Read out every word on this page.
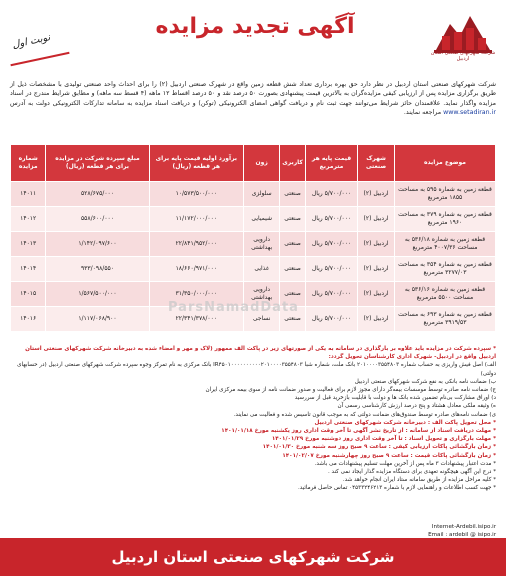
شرکت شهرکهای صنعتی استان اردبیل
آگهی تجدید مزایده
نوبت اول
شرکت شهرکهای صنعتی استان اردبیل در نظر دارد حق بهره برداری تعداد شش قطعه زمین واقع در شهرک صنعتی اردبیل (۲) را برای احداث واحد صنعتی تولیدی با مشخصات ذیل از طریق برگزاری مزایده پس از ارزیابی کیفی مزایده‌گران به بالاترین قیمت پیشنهادی بصورت ۵۰ درصد نقد و ۵۰ درصد اقساط ۱۲ ماهه (۴ قسط سه ماهه) و مطابق شرایط مندرج در اسناد مزایده واگذار نماید. علاقمندان حائز شرایط می‌توانند جهت ثبت نام و دریافت گواهی امضای الکترونیکی (توکن) و دریافت اسناد مزایده به سامانه تدارکات الکترونیکی دولت به آدرس www.setadiran.ir مراجعه نمایند.
موضوع مزایده	شهرک صنعتی	قیمت پایه هر مترمربع	کاربری	زون	برآورد اولیه قیمت پایه برای هر قطعه (ریال)	مبلغ سپرده شرکت در مزایده برای هر قطعه (ریال)	شماره مزایده
قطعه زمین به شماره ۵۹۵ به مساحت ۱۸۵۵ مترمربع	اردبیل (۲)	۵/۷۰۰/۰۰۰ ریال	صنعتی	سلولزی	۱۰/۵۷۳/۵۰۰/۰۰۰	۵۲۸/۶۷۵/۰۰۰	۱۴۰۱۱
قطعه زمین به شماره ۳۷۹ به مساحت ۱۹۶۰ مترمربع	اردبیل (۲)	۵/۷۰۰/۰۰۰ ریال	صنعتی	شیمیایی	۱۱/۱۷۲/۰۰۰/۰۰۰	۵۵۸/۶۰۰/۰۰۰	۱۴۰۱۲
قطعه زمین به شماره ۵۳۶/۱۸ به مساحت ۴۰۰۷/۳۶ مترمربع	اردبیل (۲)	۵/۷۰۰/۰۰۰ ریال	صنعتی	دارویی بهداشتی	۲۲/۸۴۱/۹۵۲/۰۰۰	۱/۱۴۲/۰۹۷/۶۰۰	۱۴۰۱۳
قطعه زمین به شماره ۳۵۴ به مساحت ۳۲۷۷/۰۳ مترمربع	اردبیل (۲)	۵/۷۰۰/۰۰۰ ریال	صنعتی	غذایی	۱۸/۶۶۰/۹۷۱/۰۰۰	۹۳۳/۰۹۸/۵۵۰	۱۴۰۱۴
قطعه زمین به شماره ۵۳۶/۱۶ به مساحت ۵۵۰۰ مترمربع	اردبیل (۲)	۵/۷۰۰/۰۰۰ ریال	صنعتی	دارویی بهداشتی	۳۱/۳۵۰/۰۰۰/۰۰۰	۱/۵۶۷/۵۰۰/۰۰۰	۱۴۰۱۵
قطعه زمین به شماره ۶۹۳ به مساحت ۳۹۱۹/۵۳ مترمربع	اردبیل (۲)	۵/۷۰۰/۰۰۰ ریال	صنعتی	نساجی	۲۲/۳۴۱/۳۷۸/۰۰۰	۱/۱۱۷/۰۶۸/۹۰۰	۱۴۰۱۶
ParsNamadData

* سپرده شرکت در مزایده باید علاوه بر بارگذاری در سامانه به یکی از صورتهای زیر در پاکت الف ممهور (لاک و مهر و امضاء شده به دبیرخانه شرکت شهرکهای صنعتی استان اردبیل واقع در اردبیل- شهرک اداری کارشناسان تحویل گردد:

الف) اصل فیش واریزی به حساب شماره ۲۰۱۰۰۰۰۳۵۵۴۸۰۳ بانک ملت، شماره شبا IR۴۵۰۱۰۰۰۰۰۰۰۰۰۰۲۰۱۰۰۰۰۳۵۵۴۸۰۳ بانک مرکزی به نام تمرکز وجوه سپرده شرکت شهرکهای صنعتی اردبیل (در حسابهای دولتی)

ب) ضمانت نامه بانکی به نفع شرکت شهرکهای صنعتی اردبیل

ج) ضمانت نامه صادره توسط موسسات بیمه‌گر دارای مجوز لازم برای فعالیت و صدور ضمانت نامه از سوی بیمه مرکزی ایران

د) اوراق مشارکت بی‌نام تضمین شده بانک ها و دولت با قابلیت بازخرید قبل از سررسید

ه) وثیقه ملکی معادل هشتاد و پنج درصد ارزش کارشناسی رسمی آن

ی) ضمانت نامه‌های صادره توسط صندوق‌های ضمانت دولتی که به موجب قانون تاسیس شده و فعالیت می نمایند.

* محل تحویل پاکت الف : دبیرخانه شرکت شهرکهای صنعتی اردبیل

* مهلت دریافت اسناد از سامانه : از تاریخ نشر آگهی تا آخر وقت اداری روز یکشنبه مورخ ۱۴۰۱/۰۱/۱۸

* مهلت بارگزاری و تحویل اسناد : تا آخر وقت اداری روز دوشنبه مورخ ۱۴۰۱/۰۱/۲۹

* زمان بازگشائی پاکات ارزیابی کیفی : ساعت ۹ صبح روز سه شنبه مورخ ۱۴۰۱/۰۱/۳۰

* زمان بازگشائی پاکات قیمت : ساعت ۹ صبح روز چهارشنبه مورخ ۱۴۰۱/۰۲/۰۷

* مدت اعتبار پیشنهادات ۳ ماه پس از آخرین مهلت تسلیم پیشنهادات می باشد.

* درج این آگهی هیچگونه تعهدی برای دستگاه مزایده گذار ایجاد نمی کند .

* کلیه مراحل مزایده از طریق سامانه ستاد ایران انجام خواهد شد.

* جهت کسب اطلاعات و راهنمایی لازم با شماره ۰۴۵۳۳۲۴۶۲۱۳ تماس حاصل فرمائید.

Internet-Ardebil.isipo.ir
Email : ardebil @ isipo.ir
شرکت شهرکهای صنعتی استان اردبیل
